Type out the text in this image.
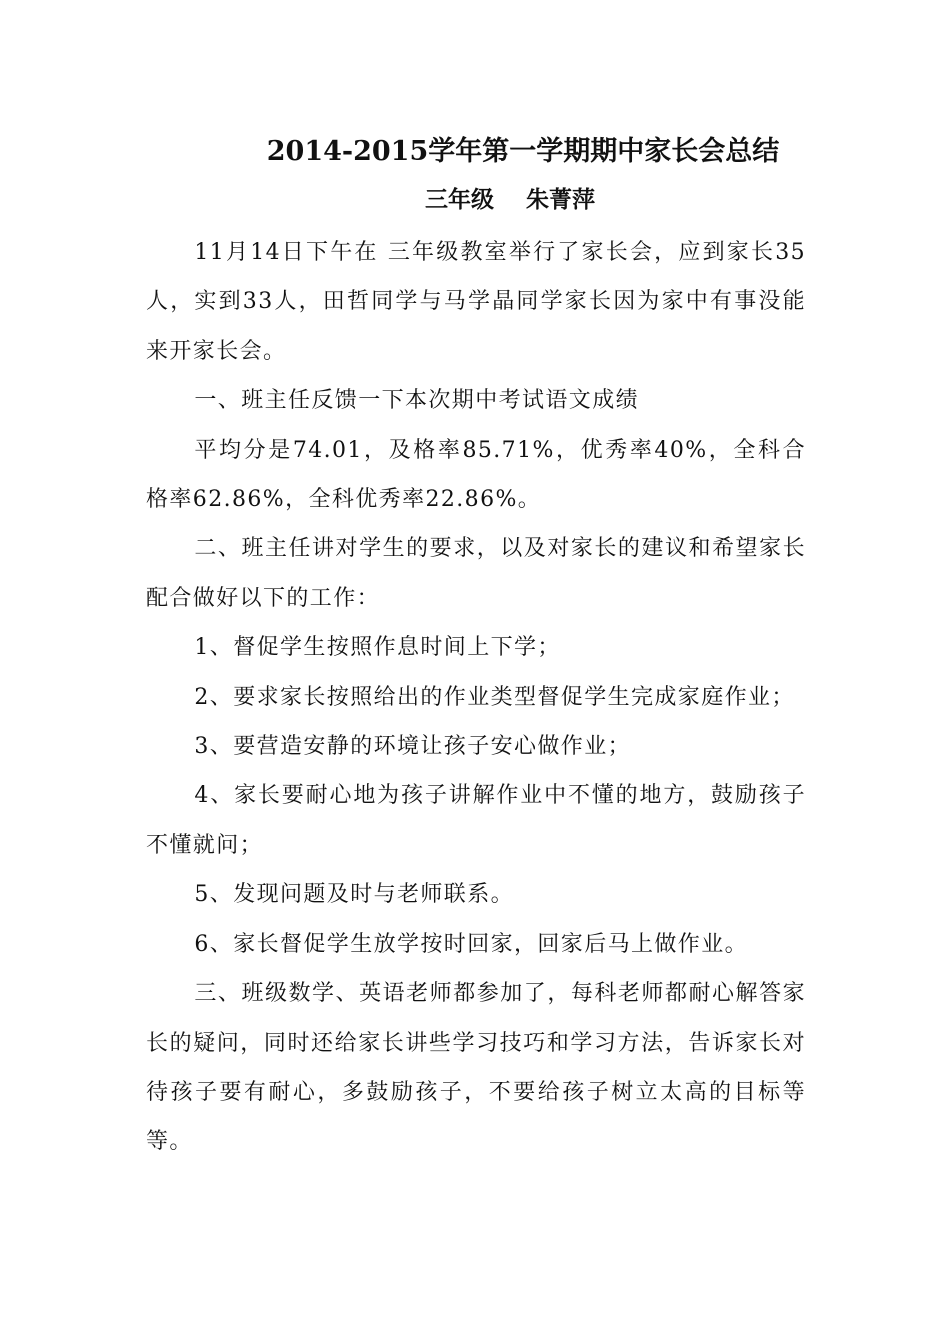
2014-2015学年第一学期期中家长会总结
三年级    朱菁萍

11月14日下午在 三年级教室举行了家长会，应到家长35人，实到33人，田哲同学与马学晶同学家长因为家中有事没能来开家长会。

一、班主任反馈一下本次期中考试语文成绩

平均分是74.01，及格率85.71%，优秀率40%，全科合格率62.86%，全科优秀率22.86%。

二、班主任讲对学生的要求，以及对家长的建议和希望家长配合做好以下的工作：

1、督促学生按照作息时间上下学；

2、要求家长按照给出的作业类型督促学生完成家庭作业；

3、要营造安静的环境让孩子安心做作业；

4、家长要耐心地为孩子讲解作业中不懂的地方，鼓励孩子不懂就问；

5、发现问题及时与老师联系。

6、家长督促学生放学按时回家，回家后马上做作业。

三、班级数学、英语老师都参加了，每科老师都耐心解答家长的疑问，同时还给家长讲些学习技巧和学习方法，告诉家长对待孩子要有耐心，多鼓励孩子，不要给孩子树立太高的目标等等。
